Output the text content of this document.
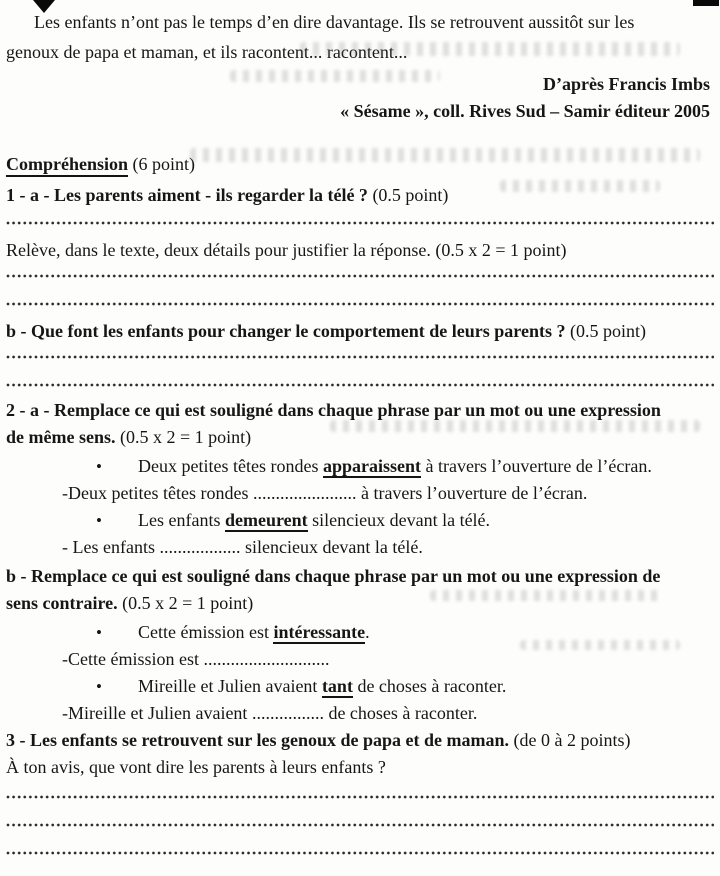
Les enfants n’ont pas le temps d’en dire davantage. Ils se retrouvent aussitôt sur les
genoux de papa et maman, et ils racontent... racontent...
D’après Francis Imbs
« Sésame », coll. Rives Sud – Samir éditeur 2005
Compréhension (6 point)
1 - a - Les parents aiment - ils regarder la télé ? (0.5 point)
Relève, dans le texte, deux détails pour justifier la réponse. (0.5 x 2 = 1 point)
b - Que font les enfants pour changer le comportement de leurs parents ? (0.5 point)
2 - a - Remplace ce qui est souligné dans chaque phrase par un mot ou une expression
de même sens. (0.5 x 2 = 1 point)
• Deux petites têtes rondes apparaissent à travers l’ouverture de l’écran.
-Deux petites têtes rondes ....................... à travers l’ouverture de l’écran.
• Les enfants demeurent silencieux devant la télé.
- Les enfants .................. silencieux devant la télé.
b - Remplace ce qui est souligné dans chaque phrase par un mot ou une expression de
sens contraire. (0.5 x 2 = 1 point)
• Cette émission est intéressante.
-Cette émission est ............................
• Mireille et Julien avaient tant de choses à raconter.
-Mireille et Julien avaient ................ de choses à raconter.
3 - Les enfants se retrouvent sur les genoux de papa et de maman. (de 0 à 2 points)
À ton avis, que vont dire les parents à leurs enfants ?
